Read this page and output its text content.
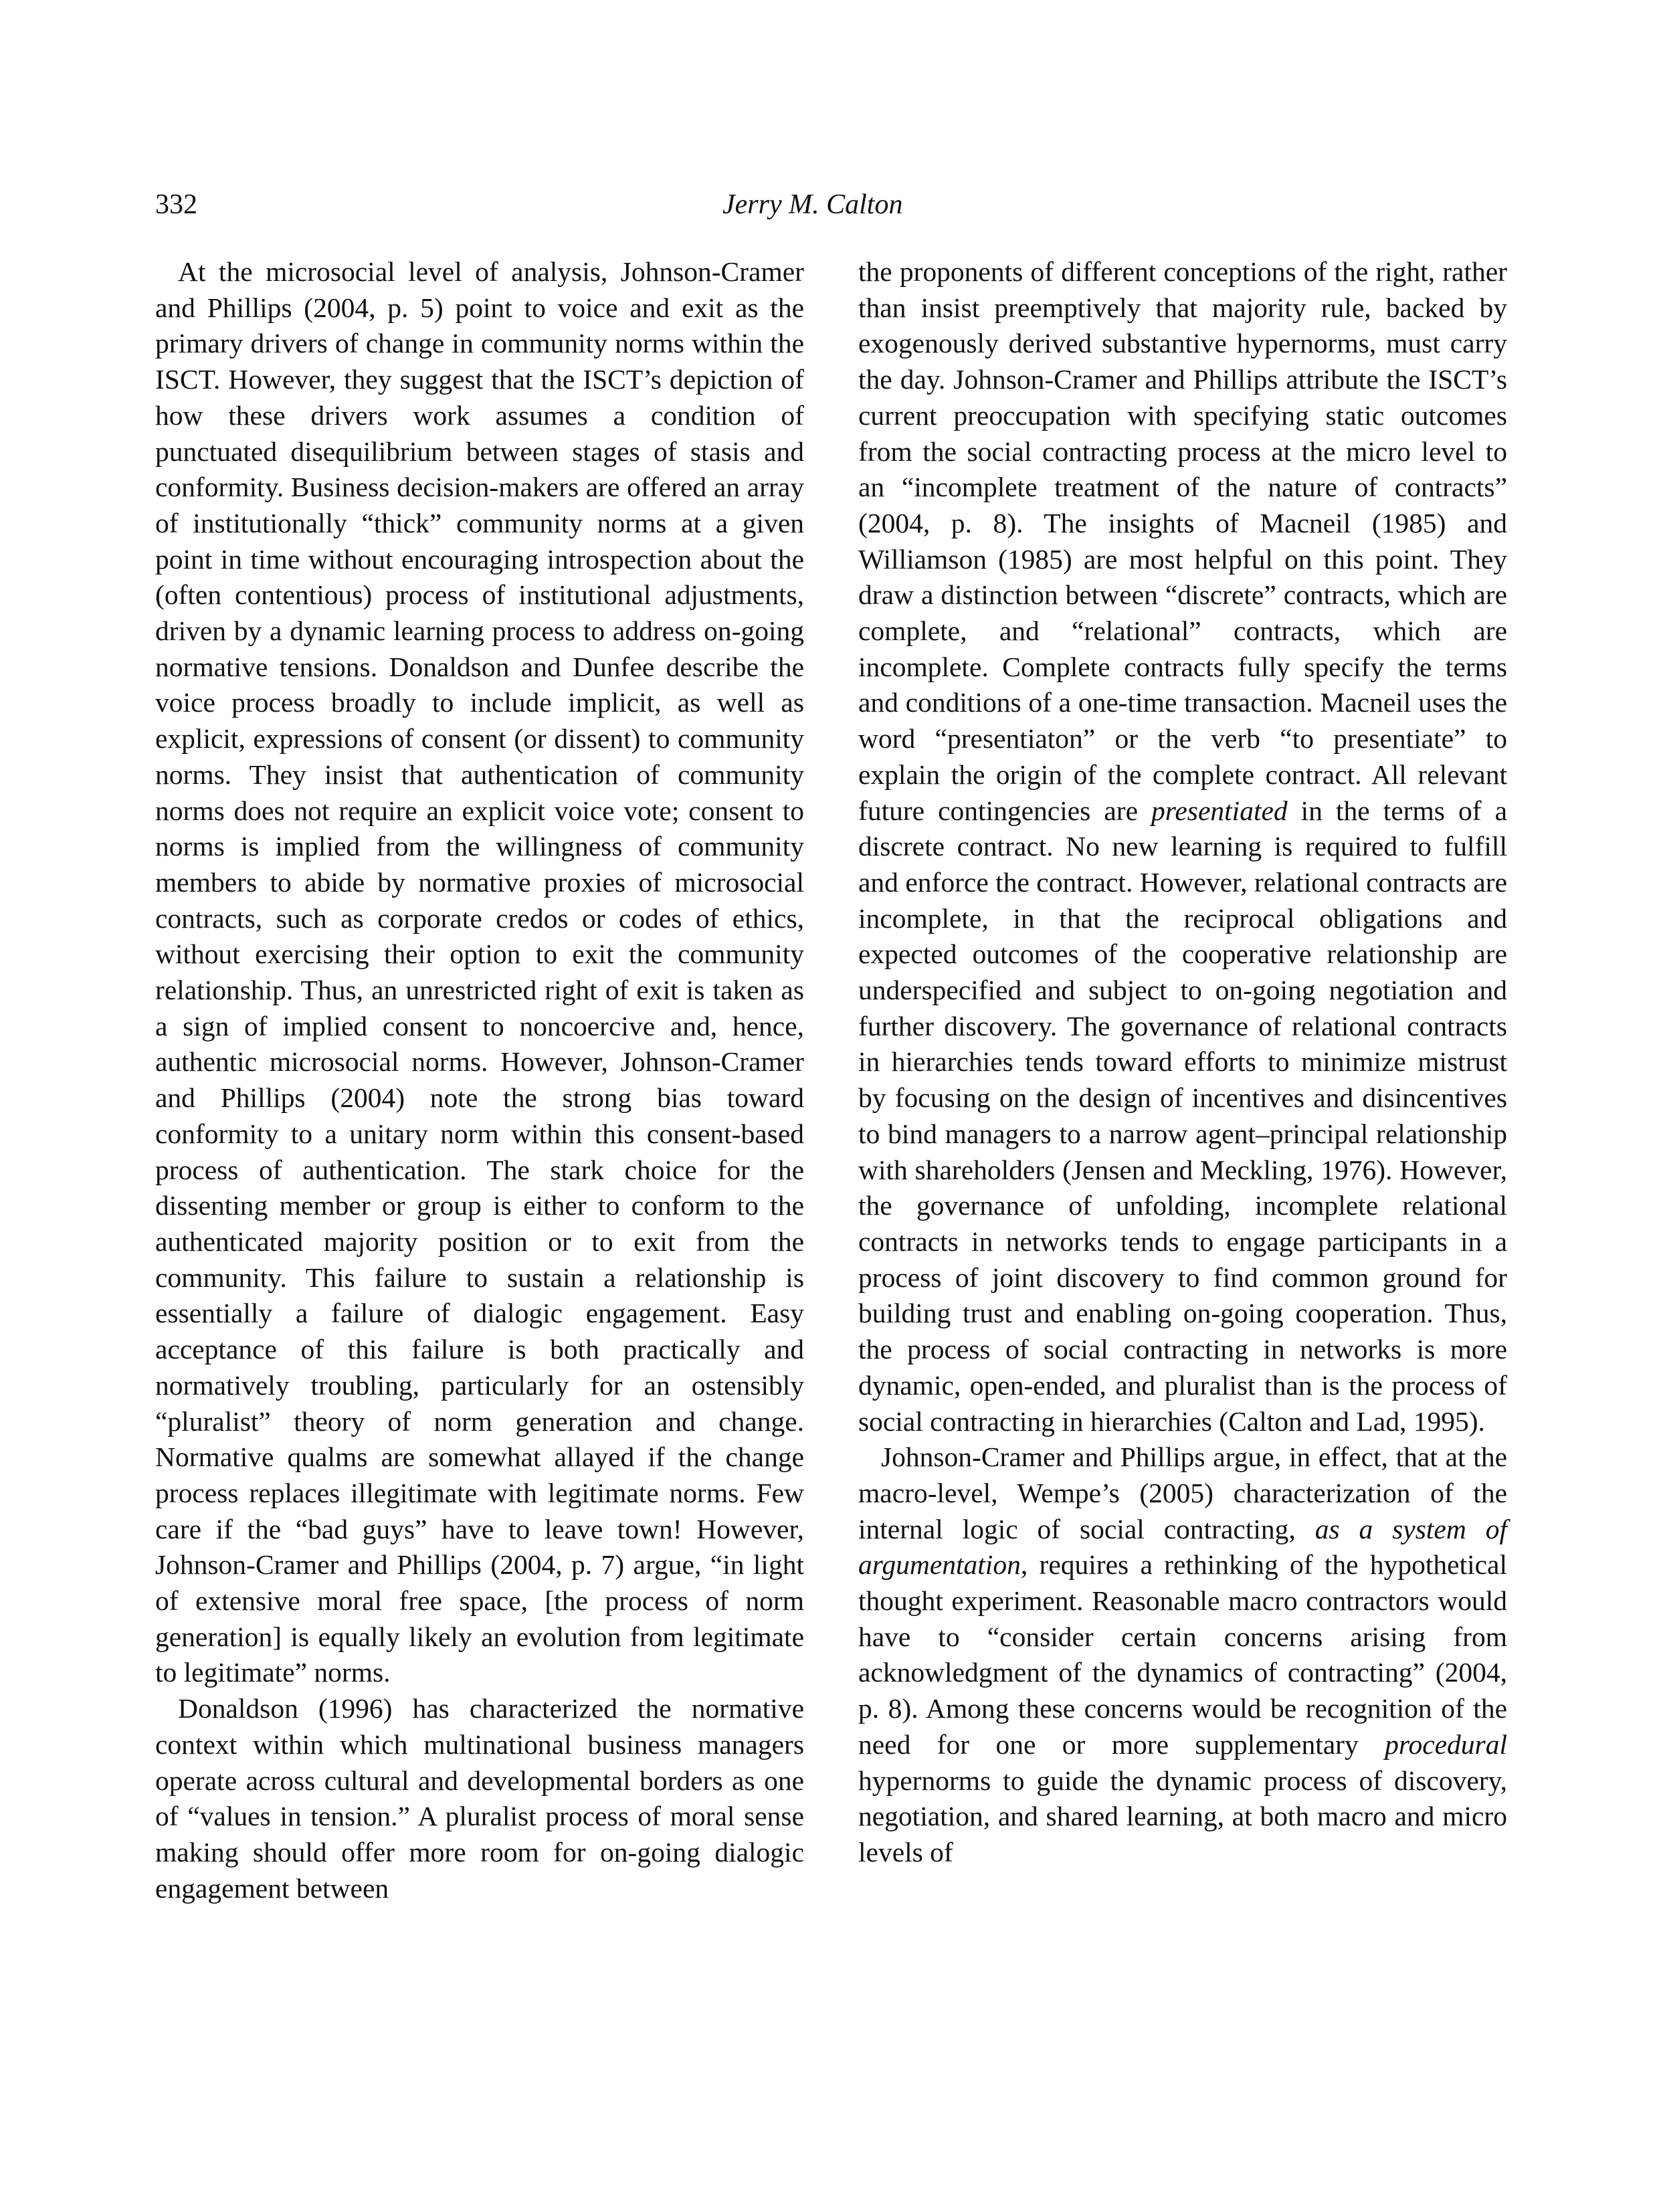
332	Jerry M. Calton

At the microsocial level of analysis, Johnson-Cramer and Phillips (2004, p. 5) point to voice and exit as the primary drivers of change in community norms within the ISCT. However, they suggest that the ISCT’s depiction of how these drivers work assumes a condition of punctuated disequilibrium between stages of stasis and conformity. Business decision-makers are offered an array of institutionally “thick” community norms at a given point in time without encouraging introspection about the (often contentious) process of institutional adjustments, driven by a dynamic learning process to address on-going normative tensions. Donaldson and Dunfee describe the voice process broadly to include implicit, as well as explicit, expressions of consent (or dissent) to community norms. They insist that authentication of community norms does not require an explicit voice vote; consent to norms is implied from the willingness of community members to abide by normative proxies of microsocial contracts, such as corporate credos or codes of ethics, without exercising their option to exit the community relationship. Thus, an unrestricted right of exit is taken as a sign of implied consent to noncoercive and, hence, authentic microsocial norms. However, Johnson-Cramer and Phillips (2004) note the strong bias toward conformity to a unitary norm within this consent-based process of authentication. The stark choice for the dissenting member or group is either to conform to the authenticated majority position or to exit from the community. This failure to sustain a relationship is essentially a failure of dialogic engagement. Easy acceptance of this failure is both practically and normatively troubling, particularly for an ostensibly “pluralist” theory of norm generation and change. Normative qualms are somewhat allayed if the change process replaces illegitimate with legitimate norms. Few care if the “bad guys” have to leave town! However, Johnson-Cramer and Phillips (2004, p. 7) argue, “in light of extensive moral free space, [the process of norm generation] is equally likely an evolution from legitimate to legitimate” norms.

Donaldson (1996) has characterized the normative context within which multinational business managers operate across cultural and developmental borders as one of “values in tension.” A pluralist process of moral sense making should offer more room for on-going dialogic engagement between

the proponents of different conceptions of the right, rather than insist preemptively that majority rule, backed by exogenously derived substantive hypernorms, must carry the day. Johnson-Cramer and Phillips attribute the ISCT’s current preoccupation with specifying static outcomes from the social contracting process at the micro level to an “incomplete treatment of the nature of contracts” (2004, p. 8). The insights of Macneil (1985) and Williamson (1985) are most helpful on this point. They draw a distinction between “discrete” contracts, which are complete, and “relational” contracts, which are incomplete. Complete contracts fully specify the terms and conditions of a one-time transaction. Macneil uses the word “presentiaton” or the verb “to presentiate” to explain the origin of the complete contract. All relevant future contingencies are presentiated in the terms of a discrete contract. No new learning is required to fulfill and enforce the contract. However, relational contracts are incomplete, in that the reciprocal obligations and expected outcomes of the cooperative relationship are underspecified and subject to on-going negotiation and further discovery. The governance of relational contracts in hierarchies tends toward efforts to minimize mistrust by focusing on the design of incentives and disincentives to bind managers to a narrow agent–principal relationship with shareholders (Jensen and Meckling, 1976). However, the governance of unfolding, incomplete relational contracts in networks tends to engage participants in a process of joint discovery to find common ground for building trust and enabling on-going cooperation. Thus, the process of social contracting in networks is more dynamic, open-ended, and pluralist than is the process of social contracting in hierarchies (Calton and Lad, 1995).

Johnson-Cramer and Phillips argue, in effect, that at the macro-level, Wempe’s (2005) characterization of the internal logic of social contracting, as a system of argumentation, requires a rethinking of the hypothetical thought experiment. Reasonable macro contractors would have to “consider certain concerns arising from acknowledgment of the dynamics of contracting” (2004, p. 8). Among these concerns would be recognition of the need for one or more supplementary procedural hypernorms to guide the dynamic process of discovery, negotiation, and shared learning, at both macro and micro levels of
